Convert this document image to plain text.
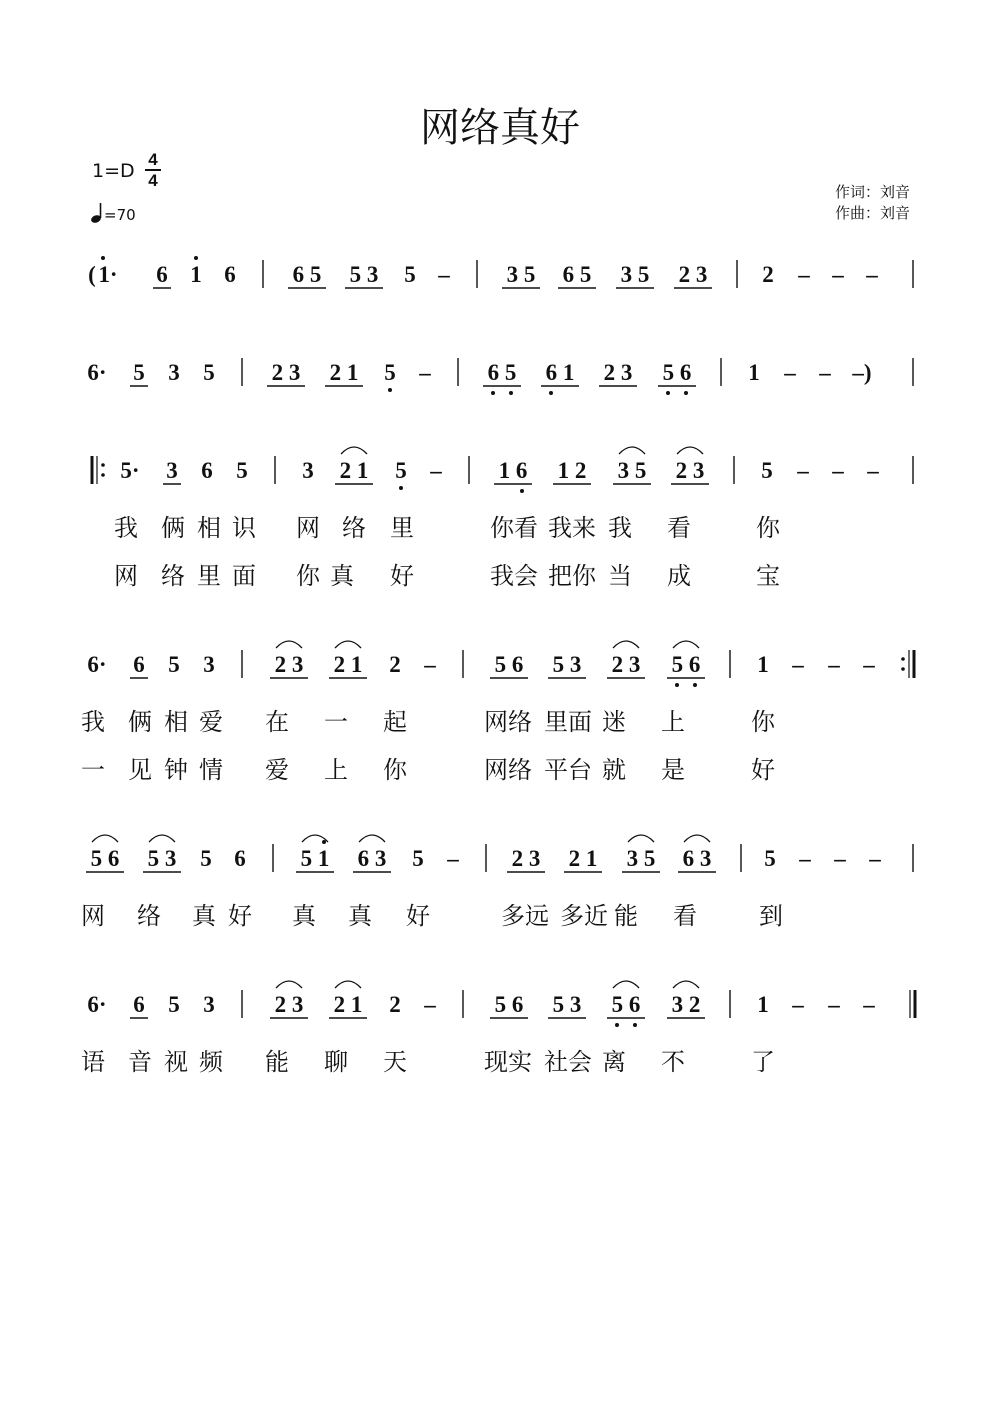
网络真好
1=D
4
4
=70
作词：刘音
作曲：刘音
( 1· 6 1 6 6 5 5 3 5 – 3 5 6 5 3 5 2 3 2 – – –
6· 5 3 5 2 3 2 1 5 – 6 5 6 1 2 3 5 6 1 – – –)
5· 3 6 5 3 2 1 5 – 1 6 1 2 3 5 2 3 5 – – –
6· 6 5 3	2 3 2 1 2 –	5 6 5 3 2 3 5 6 1 – – –
5 6 5 3 5 6 5 1 6 3 5 – 2 3 2 1 3 5 6 3 5 – – –
6· 6 5 3	2 3 2 1 2 –	5 6 5 3 5 6 3 2 1 – – –
我 俩 相 识 网 络 里	你看 我来 我 看	你
网 络 里 面 你 真 好	我会 把你 当 成	宝
我 俩 相 爱 在 一 起	网络 里面 迷 上	你
一 见 钟 情 爱 上 你	网络 平台 就 是	好
网 络 真 好 真 真 好	多远 多近 能 看	到
语 音 视 频 能 聊 天	现实 社会 离 不	了
